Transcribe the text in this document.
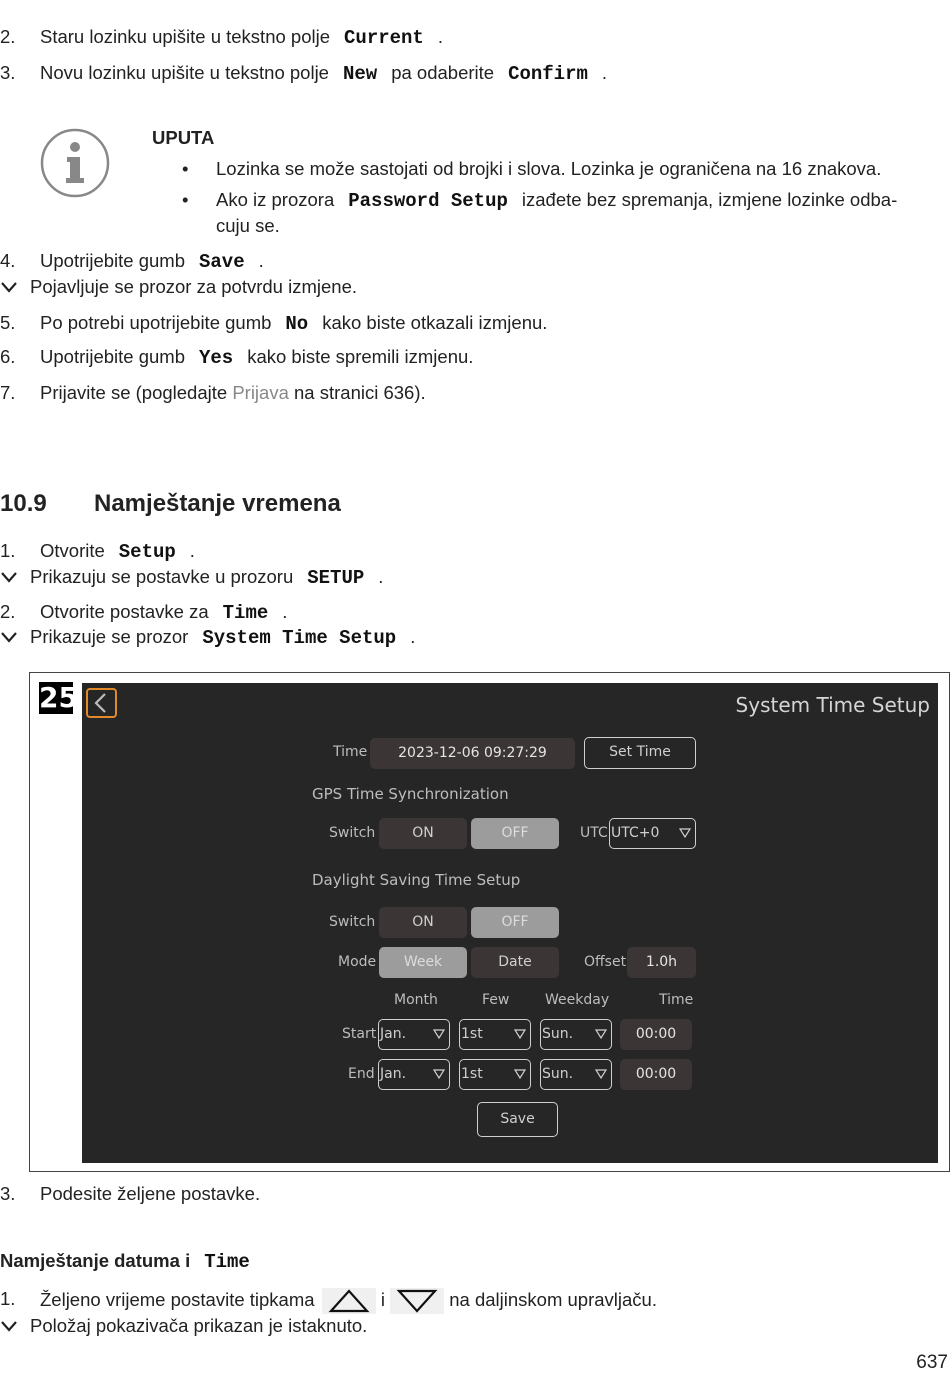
2. Staru lozinku upišite u tekstno polje Current .
3. Novu lozinku upišite u tekstno polje New pa odaberite Confirm .
UPUTA
• Lozinka se može sastojati od brojki i slova. Lozinka je ograničena na 16 znakova.
• Ako iz prozora Password Setup izađete bez spremanja, izmjene lozinke odba-
cuju se.
4. Upotrijebite gumb Save .
Pojavljuje se prozor za potvrdu izmjene.
5. Po potrebi upotrijebite gumb No kako biste otkazali izmjenu.
6. Upotrijebite gumb Yes kako biste spremili izmjenu.
7. Prijavite se (pogledajte Prijava na stranici 636).
10.9 Namještanje vremena
1. Otvorite Setup .
Prikazuju se postavke u prozoru SETUP .
2. Otvorite postavke za Time .
Prikazuje se prozor System Time Setup .
25	System Time Setup
Time	2023-12-06 09:27:29	Set Time
GPS Time Synchronization
Switch	ON	OFF	UTC UTC+0
Daylight Saving Time Setup
Switch	ON	OFF
Mode	Week	Date	Offset	1.0h
Month	Few	Weekday	Time
Start Jan.	1st	Sun.	00:00
End Jan.	1st	Sun.	00:00
Save
3. Podesite željene postavke.
Namještanje datuma i Time
1. Željeno vrijeme postavite tipkama	i	na daljinskom upravljaču.
Položaj pokazivača prikazan je istaknuto.
637
